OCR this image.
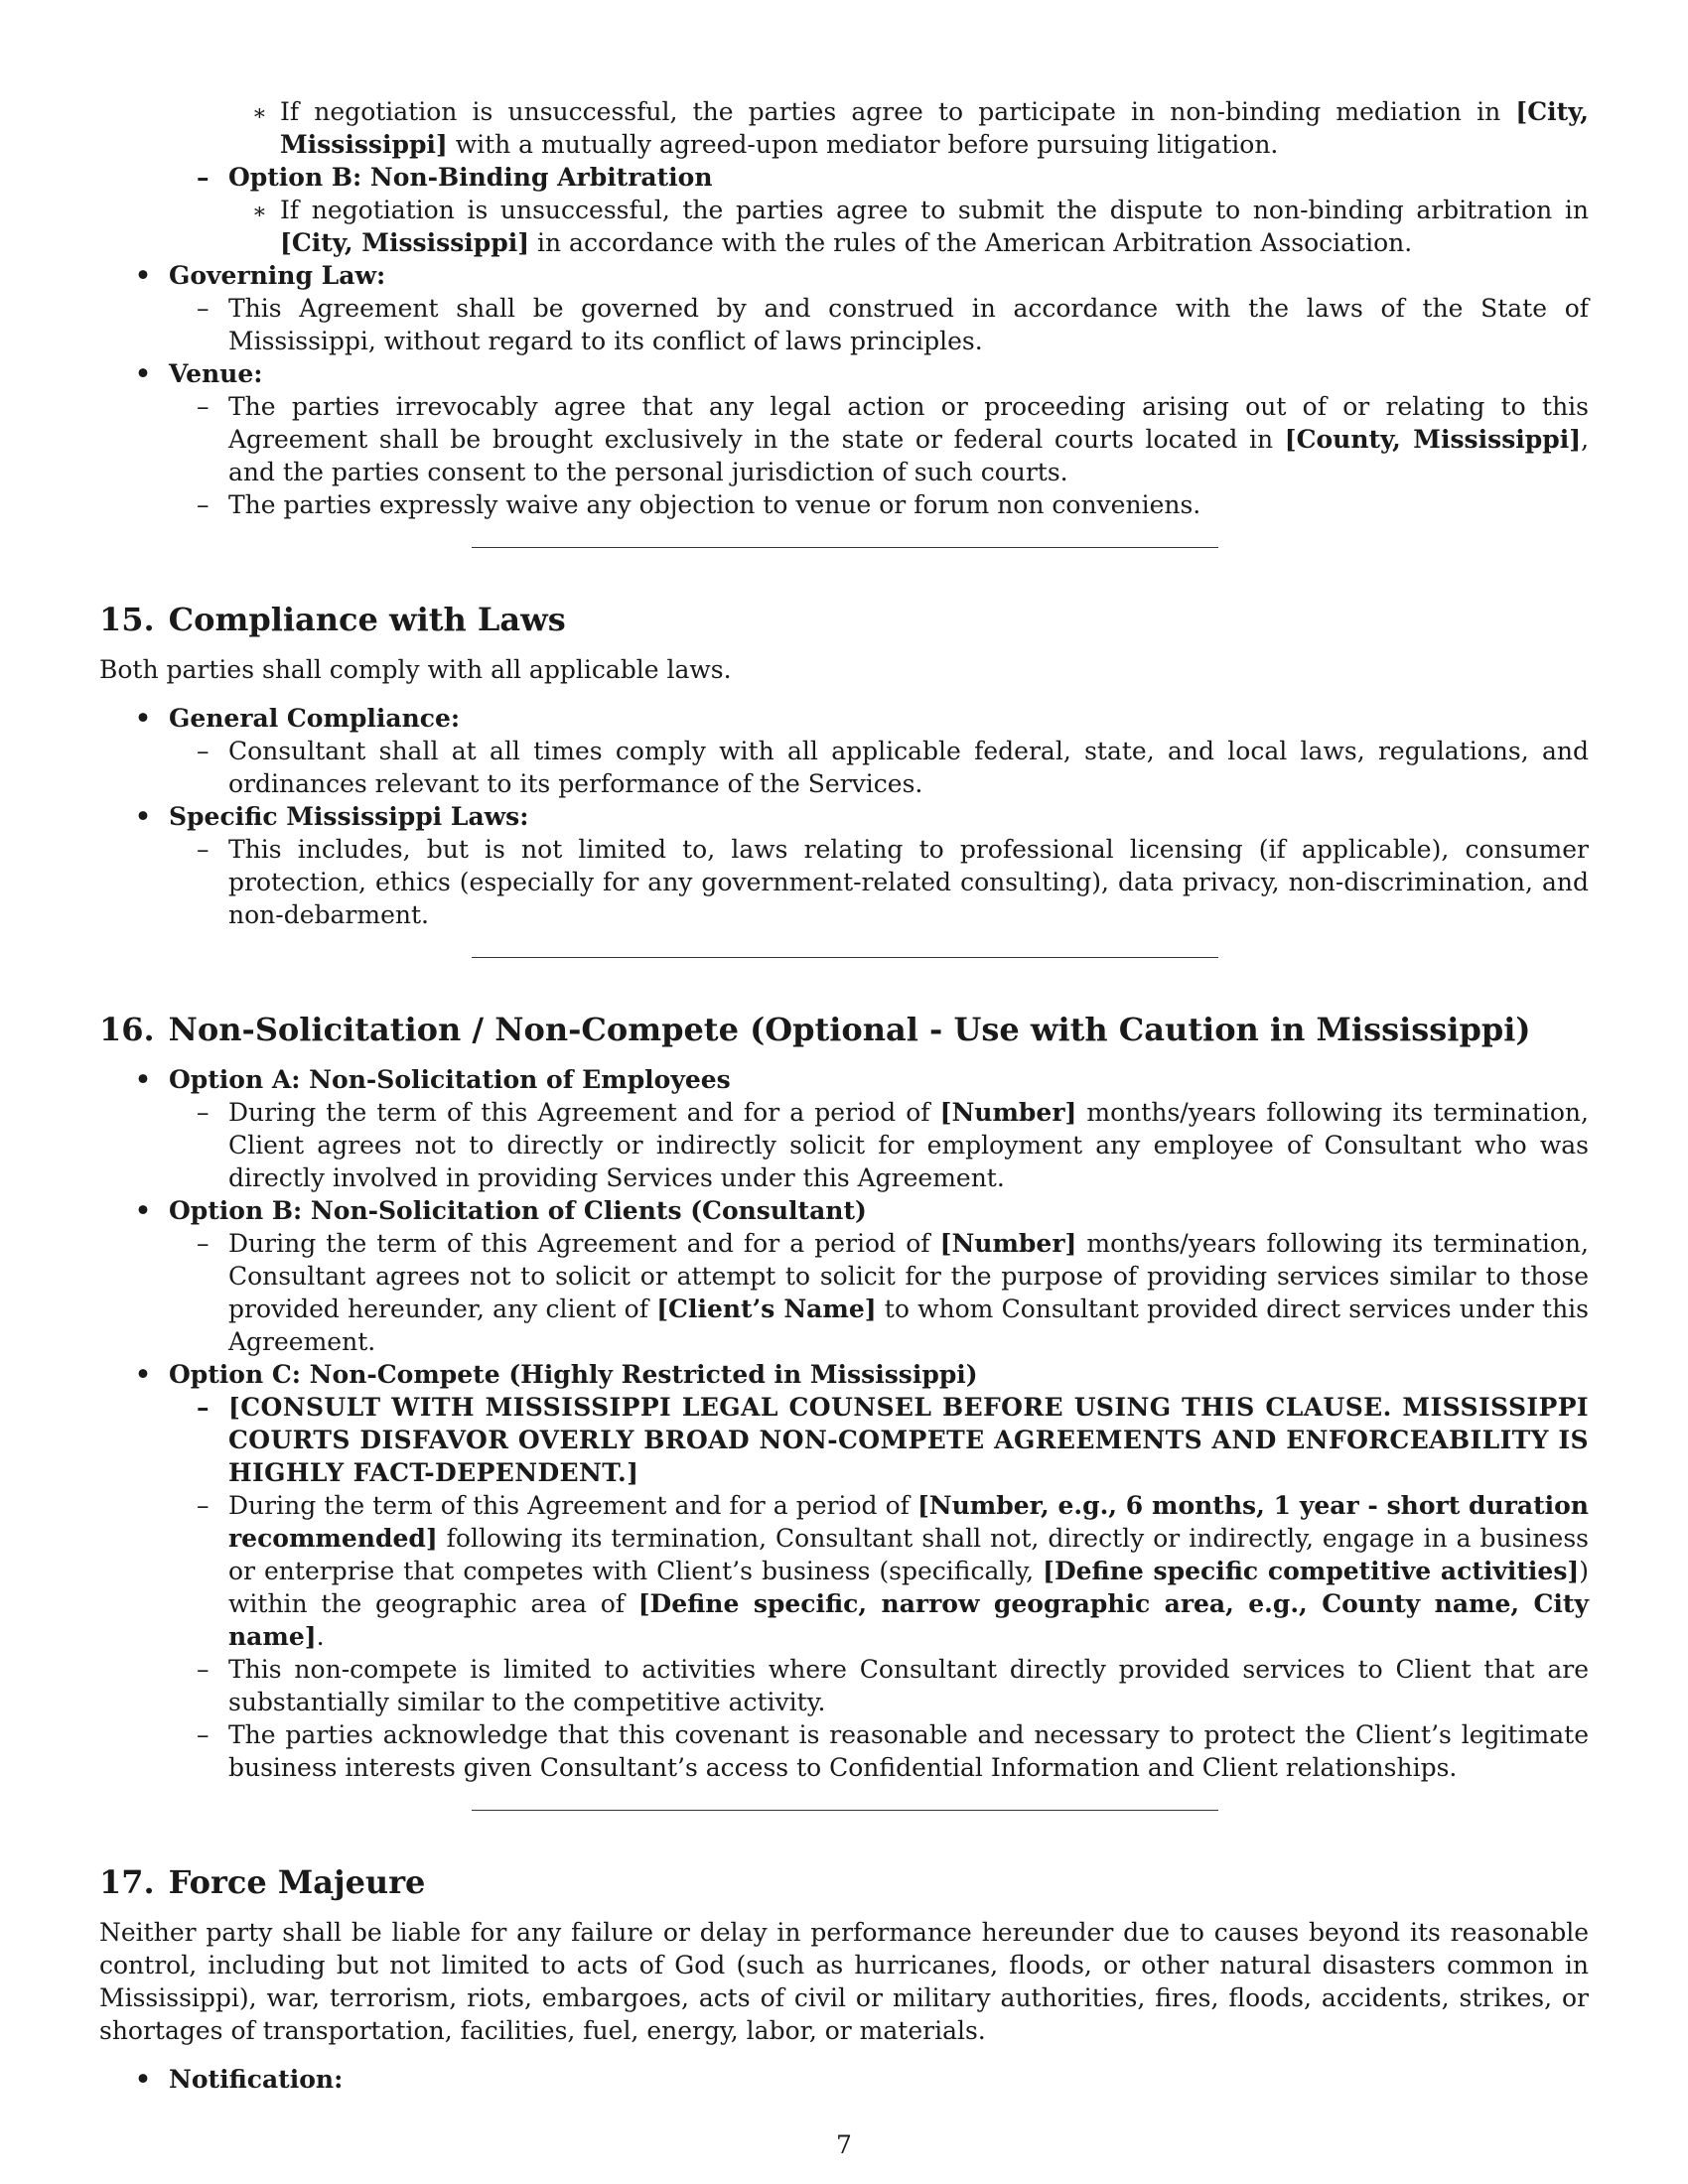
∗ If negotiation is unsuccessful, the parties agree to participate in non-binding mediation in [City, Mississippi] with a mutually agreed-upon mediator before pursuing litigation.
– Option B: Non-Binding Arbitration
∗ If negotiation is unsuccessful, the parties agree to submit the dispute to non-binding arbitration in [City, Mississippi] in accordance with the rules of the American Arbitration Association.
• Governing Law:
– This Agreement shall be governed by and construed in accordance with the laws of the State of Mississippi, without regard to its conflict of laws principles.
• Venue:
– The parties irrevocably agree that any legal action or proceeding arising out of or relating to this Agreement shall be brought exclusively in the state or federal courts located in [County, Mississippi], and the parties consent to the personal jurisdiction of such courts.
– The parties expressly waive any objection to venue or forum non conveniens.
15. Compliance with Laws
Both parties shall comply with all applicable laws.
• General Compliance:
– Consultant shall at all times comply with all applicable federal, state, and local laws, regulations, and ordinances relevant to its performance of the Services.
• Specific Mississippi Laws:
– This includes, but is not limited to, laws relating to professional licensing (if applicable), consumer protection, ethics (especially for any government-related consulting), data privacy, non-discrimination, and non-debarment.
16. Non-Solicitation / Non-Compete (Optional - Use with Caution in Mississippi)
• Option A: Non-Solicitation of Employees
– During the term of this Agreement and for a period of [Number] months/years following its termination, Client agrees not to directly or indirectly solicit for employment any employee of Consultant who was directly involved in providing Services under this Agreement.
• Option B: Non-Solicitation of Clients (Consultant)
– During the term of this Agreement and for a period of [Number] months/years following its termination, Consultant agrees not to solicit or attempt to solicit for the purpose of providing services similar to those provided hereunder, any client of [Client’s Name] to whom Consultant provided direct services under this Agreement.
• Option C: Non-Compete (Highly Restricted in Mississippi)
– [CONSULT WITH MISSISSIPPI LEGAL COUNSEL BEFORE USING THIS CLAUSE. MISSISSIPPI COURTS DISFAVOR OVERLY BROAD NON-COMPETE AGREEMENTS AND ENFORCEABILITY IS HIGHLY FACT-DEPENDENT.]
– During the term of this Agreement and for a period of [Number, e.g., 6 months, 1 year - short duration recommended] following its termination, Consultant shall not, directly or indirectly, engage in a business or enterprise that competes with Client’s business (specifically, [Define specific competitive activities]) within the geographic area of [Define specific, narrow geographic area, e.g., County name, City name].
– This non-compete is limited to activities where Consultant directly provided services to Client that are substantially similar to the competitive activity.
– The parties acknowledge that this covenant is reasonable and necessary to protect the Client’s legitimate business interests given Consultant’s access to Confidential Information and Client relationships.
17. Force Majeure
Neither party shall be liable for any failure or delay in performance hereunder due to causes beyond its reasonable control, including but not limited to acts of God (such as hurricanes, floods, or other natural disasters common in Mississippi), war, terrorism, riots, embargoes, acts of civil or military authorities, fires, floods, accidents, strikes, or shortages of transportation, facilities, fuel, energy, labor, or materials.
• Notification:
7
